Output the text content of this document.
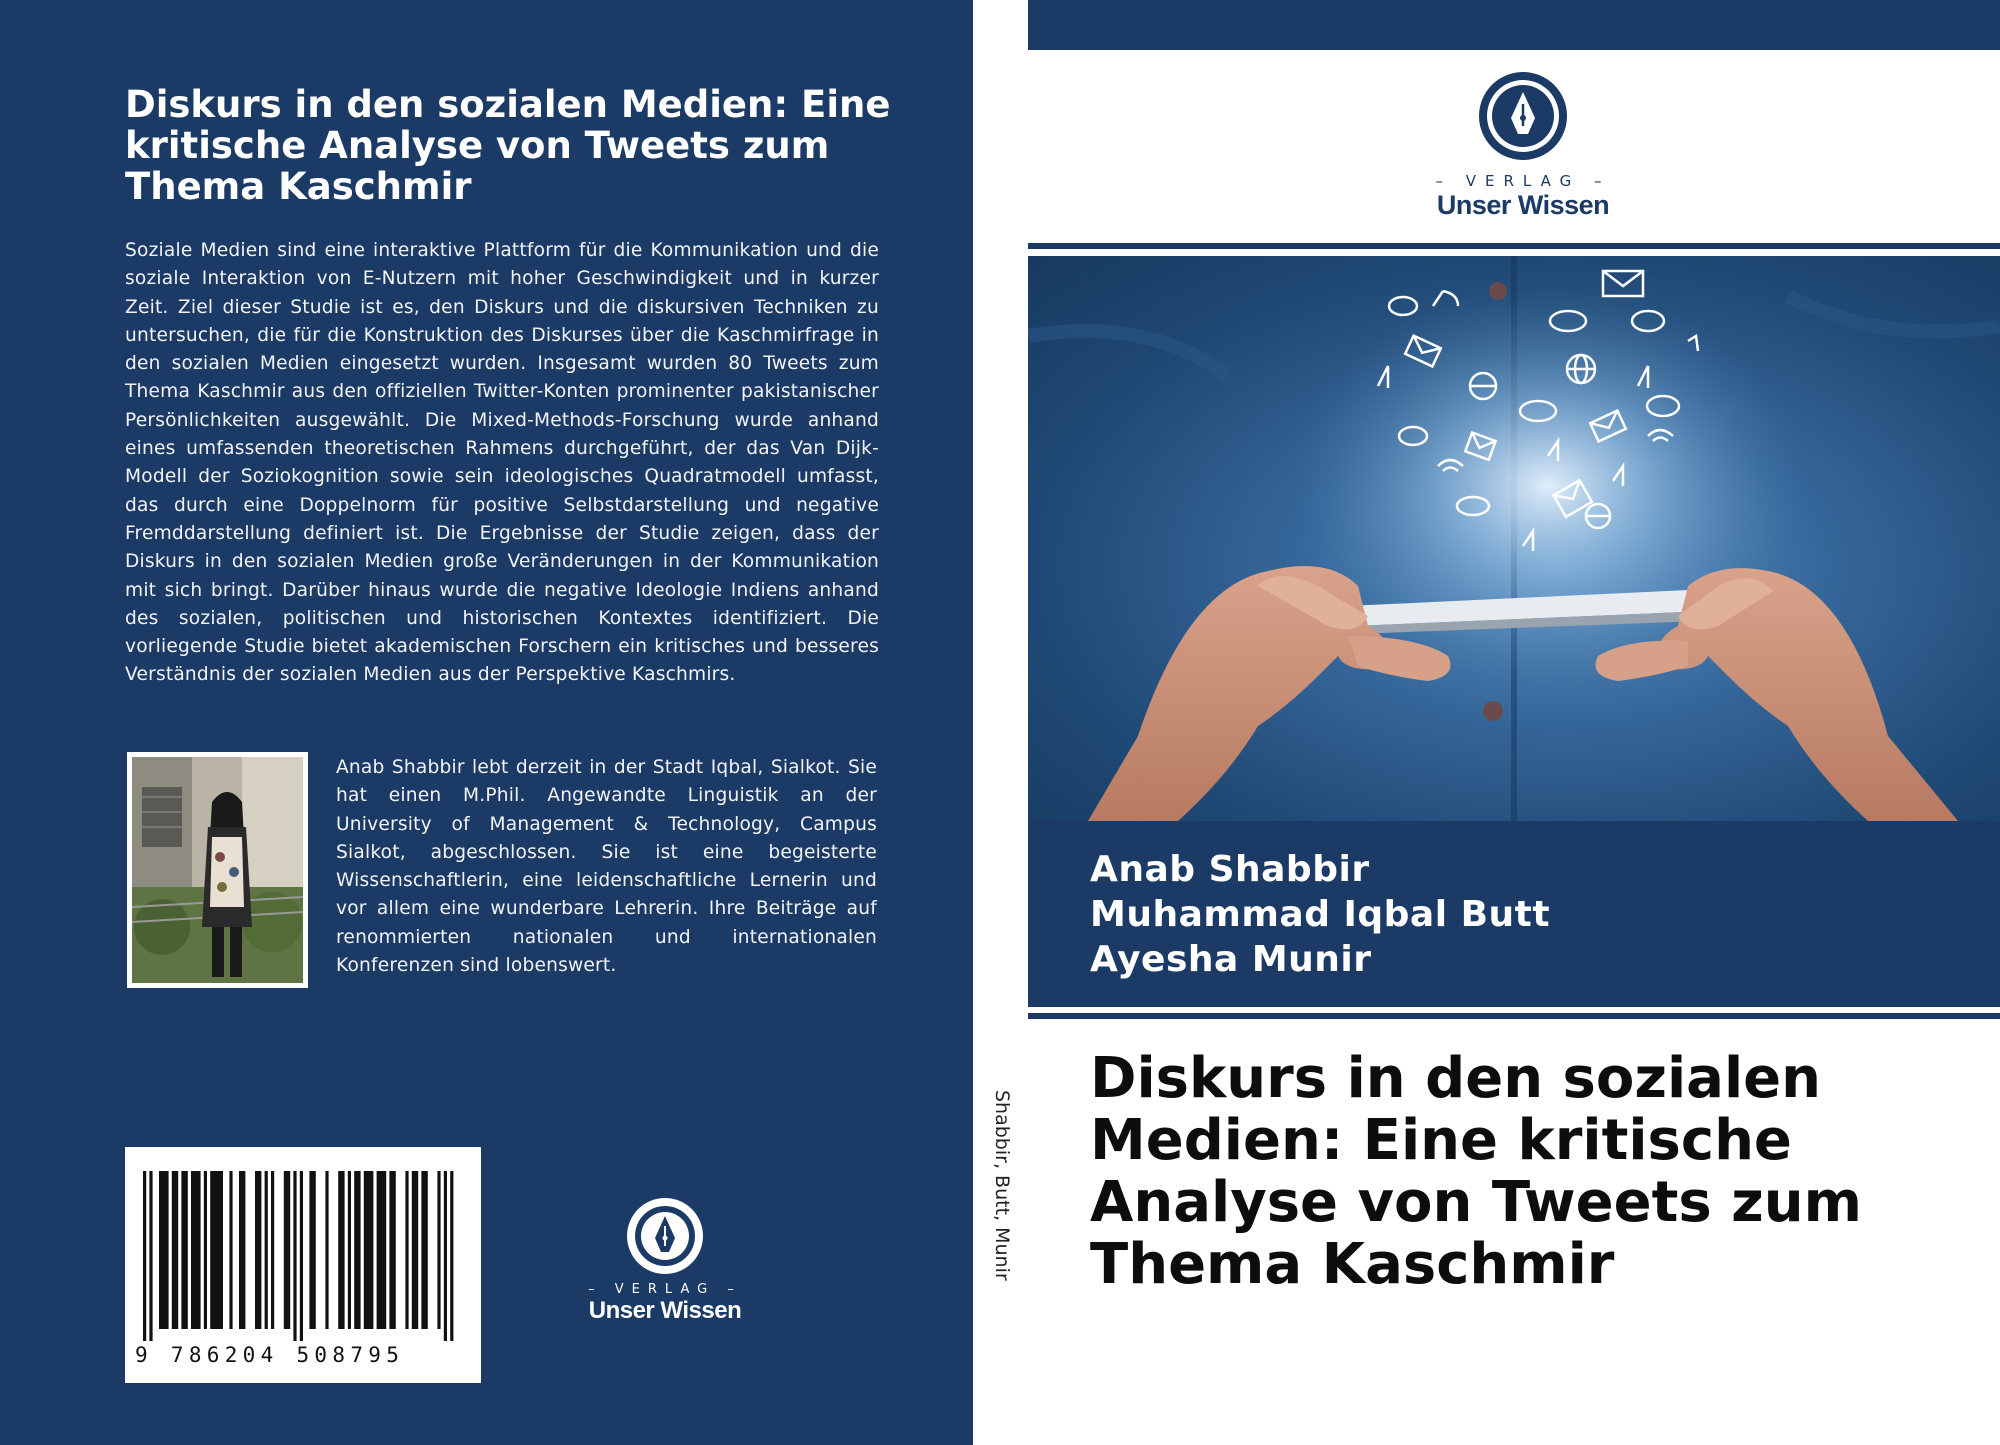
Diskurs in den sozialen Medien: Eine kritische Analyse von Tweets zum Thema Kaschmir

Soziale Medien sind eine interaktive Plattform für die Kommunikation und die soziale Interaktion von E-Nutzern mit hoher Geschwindigkeit und in kurzer Zeit. Ziel dieser Studie ist es, den Diskurs und die diskursiven Techniken zu untersuchen, die für die Konstruktion des Diskurses über die Kaschmirfrage in den sozialen Medien eingesetzt wurden. Insgesamt wurden 80 Tweets zum Thema Kaschmir aus den offiziellen Twitter-Konten prominenter pakistanischer Persönlichkeiten ausgewählt. Die Mixed-Methods-Forschung wurde anhand eines umfassenden theoretischen Rahmens durchgeführt, der das Van Dijk-Modell der Soziokognition sowie sein ideologisches Quadratmodell umfasst, das durch eine Doppelnorm für positive Selbstdarstellung und negative Fremddarstellung definiert ist. Die Ergebnisse der Studie zeigen, dass der Diskurs in den sozialen Medien große Veränderungen in der Kommunikation mit sich bringt. Darüber hinaus wurde die negative Ideologie Indiens anhand des sozialen, politischen und historischen Kontextes identifiziert. Die vorliegende Studie bietet akademischen Forschern ein kritisches und besseres Verständnis der sozialen Medien aus der Perspektive Kaschmirs.

Anab Shabbir lebt derzeit in der Stadt Iqbal, Sialkot. Sie hat einen M.Phil. Angewandte Linguistik an der University of Management & Technology, Campus Sialkot, abgeschlossen. Sie ist eine begeisterte Wissenschaftlerin, eine leidenschaftliche Lernerin und vor allem eine wunderbare Lehrerin. Ihre Beiträge auf renommierten nationalen und internationalen Konferenzen sind lobenswert.

9 786204 508795
– VERLAG –
Unser Wissen
Shabbir, Butt, Munir
– VERLAG –
Unser Wissen
Anab Shabbir
Muhammad Iqbal Butt
Ayesha Munir
Diskurs in den sozialen Medien: Eine kritische Analyse von Tweets zum Thema Kaschmir
